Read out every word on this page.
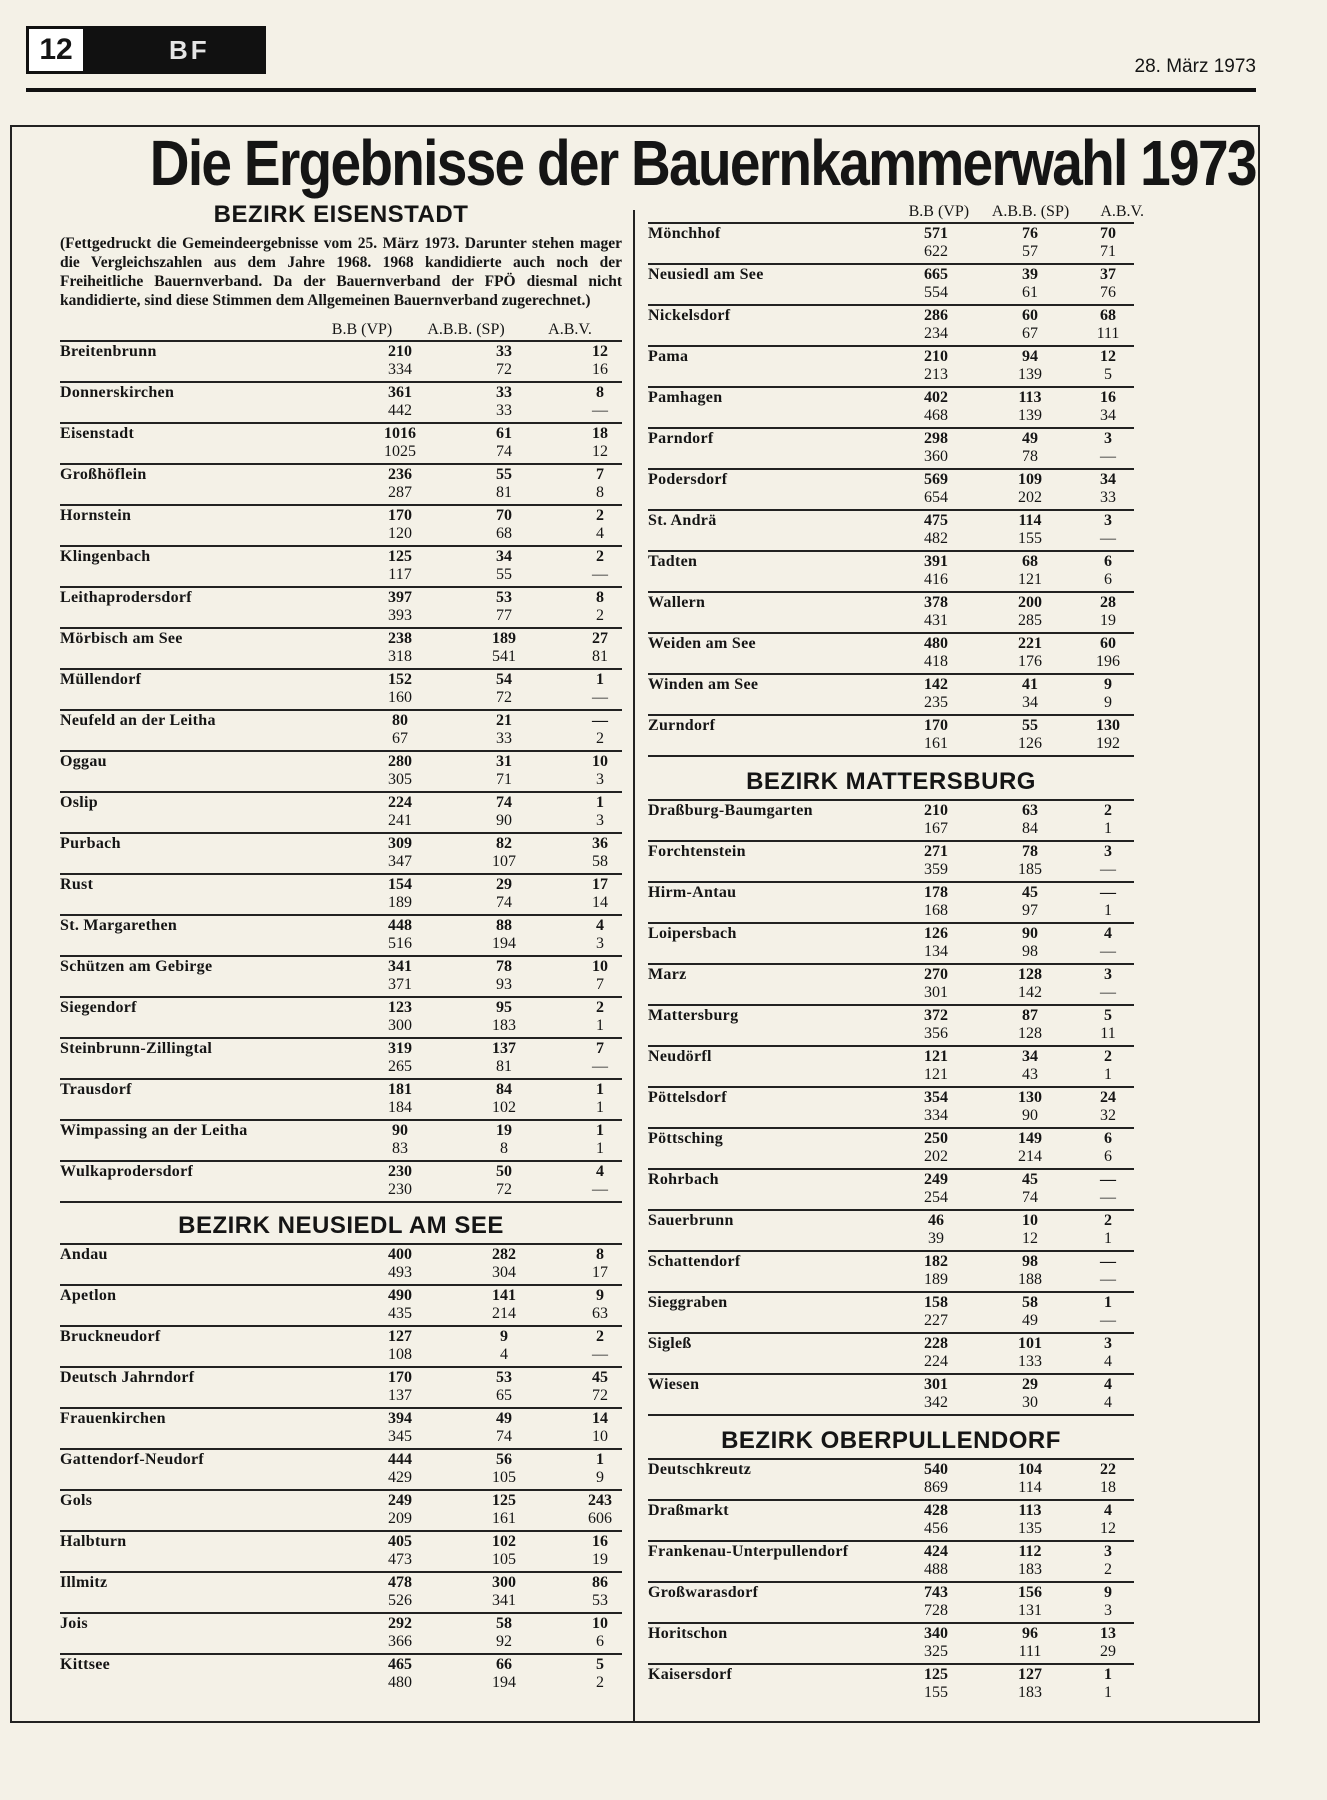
12	BF
28. März 1973
Die Ergebnisse der Bauernkammerwahl 1973
BEZIRK EISENSTADT
(Fettgedruckt die Gemeindeergebnisse vom 25. März 1973. Darunter stehen mager die Vergleichszahlen aus dem Jahre 1968. 1968 kandidierte auch noch der Freiheitliche Bauernverband. Da der Bauernverband der FPÖ diesmal nicht kandidierte, sind diese Stimmen dem Allgemeinen Bauernverband zugerechnet.)
B.B (VP)	A.B.B. (SP)	A.B.V.
Breitenbrunn	210	33	12
334	72	16
Donnerskirchen	361	33	8
442	33	—
Eisenstadt	1016	61	18
1025	74	12
Großhöflein	236	55	7
287	81	8
Hornstein	170	70	2
120	68	4
Klingenbach	125	34	2
117	55	—
Leithaprodersdorf	397	53	8
393	77	2
Mörbisch am See	238	189	27
318	541	81
Müllendorf	152	54	1
160	72	—
Neufeld an der Leitha	80	21	—
67	33	2
Oggau	280	31	10
305	71	3
Oslip	224	74	1
241	90	3
Purbach	309	82	36
347	107	58
Rust	154	29	17
189	74	14
St. Margarethen	448	88	4
516	194	3
Schützen am Gebirge	341	78	10
371	93	7
Siegendorf	123	95	2
300	183	1
Steinbrunn-Zillingtal	319	137	7
265	81	—
Trausdorf	181	84	1
184	102	1
Wimpassing an der Leitha	90	19	1
83	8	1
Wulkaprodersdorf	230	50	4
230	72	—
BEZIRK NEUSIEDL AM SEE
Andau	400	282	8
493	304	17
Apetlon	490	141	9
435	214	63
Bruckneudorf	127	9	2
108	4	—
Deutsch Jahrndorf	170	53	45
137	65	72
Frauenkirchen	394	49	14
345	74	10
Gattendorf-Neudorf	444	56	1
429	105	9
Gols	249	125	243
209	161	606
Halbturn	405	102	16
473	105	19
Illmitz	478	300	86
526	341	53
Jois	292	58	10
366	92	6
Kittsee	465	66	5
480	194	2
B.B (VP)	A.B.B. (SP)	A.B.V.
Mönchhof	571	76	70
622	57	71
Neusiedl am See	665	39	37
554	61	76
Nickelsdorf	286	60	68
234	67	111
Pama	210	94	12
213	139	5
Pamhagen	402	113	16
468	139	34
Parndorf	298	49	3
360	78	—
Podersdorf	569	109	34
654	202	33
St. Andrä	475	114	3
482	155	—
Tadten	391	68	6
416	121	6
Wallern	378	200	28
431	285	19
Weiden am See	480	221	60
418	176	196
Winden am See	142	41	9
235	34	9
Zurndorf	170	55	130
161	126	192
BEZIRK MATTERSBURG
Draßburg-Baumgarten	210	63	2
167	84	1
Forchtenstein	271	78	3
359	185	—
Hirm-Antau	178	45	—
168	97	1
Loipersbach	126	90	4
134	98	—
Marz	270	128	3
301	142	—
Mattersburg	372	87	5
356	128	11
Neudörfl	121	34	2
121	43	1
Pöttelsdorf	354	130	24
334	90	32
Pöttsching	250	149	6
202	214	6
Rohrbach	249	45	—
254	74	—
Sauerbrunn	46	10	2
39	12	1
Schattendorf	182	98	—
189	188	—
Sieggraben	158	58	1
227	49	—
Sigleß	228	101	3
224	133	4
Wiesen	301	29	4
342	30	4
BEZIRK OBERPULLENDORF
Deutschkreutz	540	104	22
869	114	18
Draßmarkt	428	113	4
456	135	12
Frankenau-Unterpullendorf	424	112	3
488	183	2
Großwarasdorf	743	156	9
728	131	3
Horitschon	340	96	13
325	111	29
Kaisersdorf	125	127	1
155	183	1
